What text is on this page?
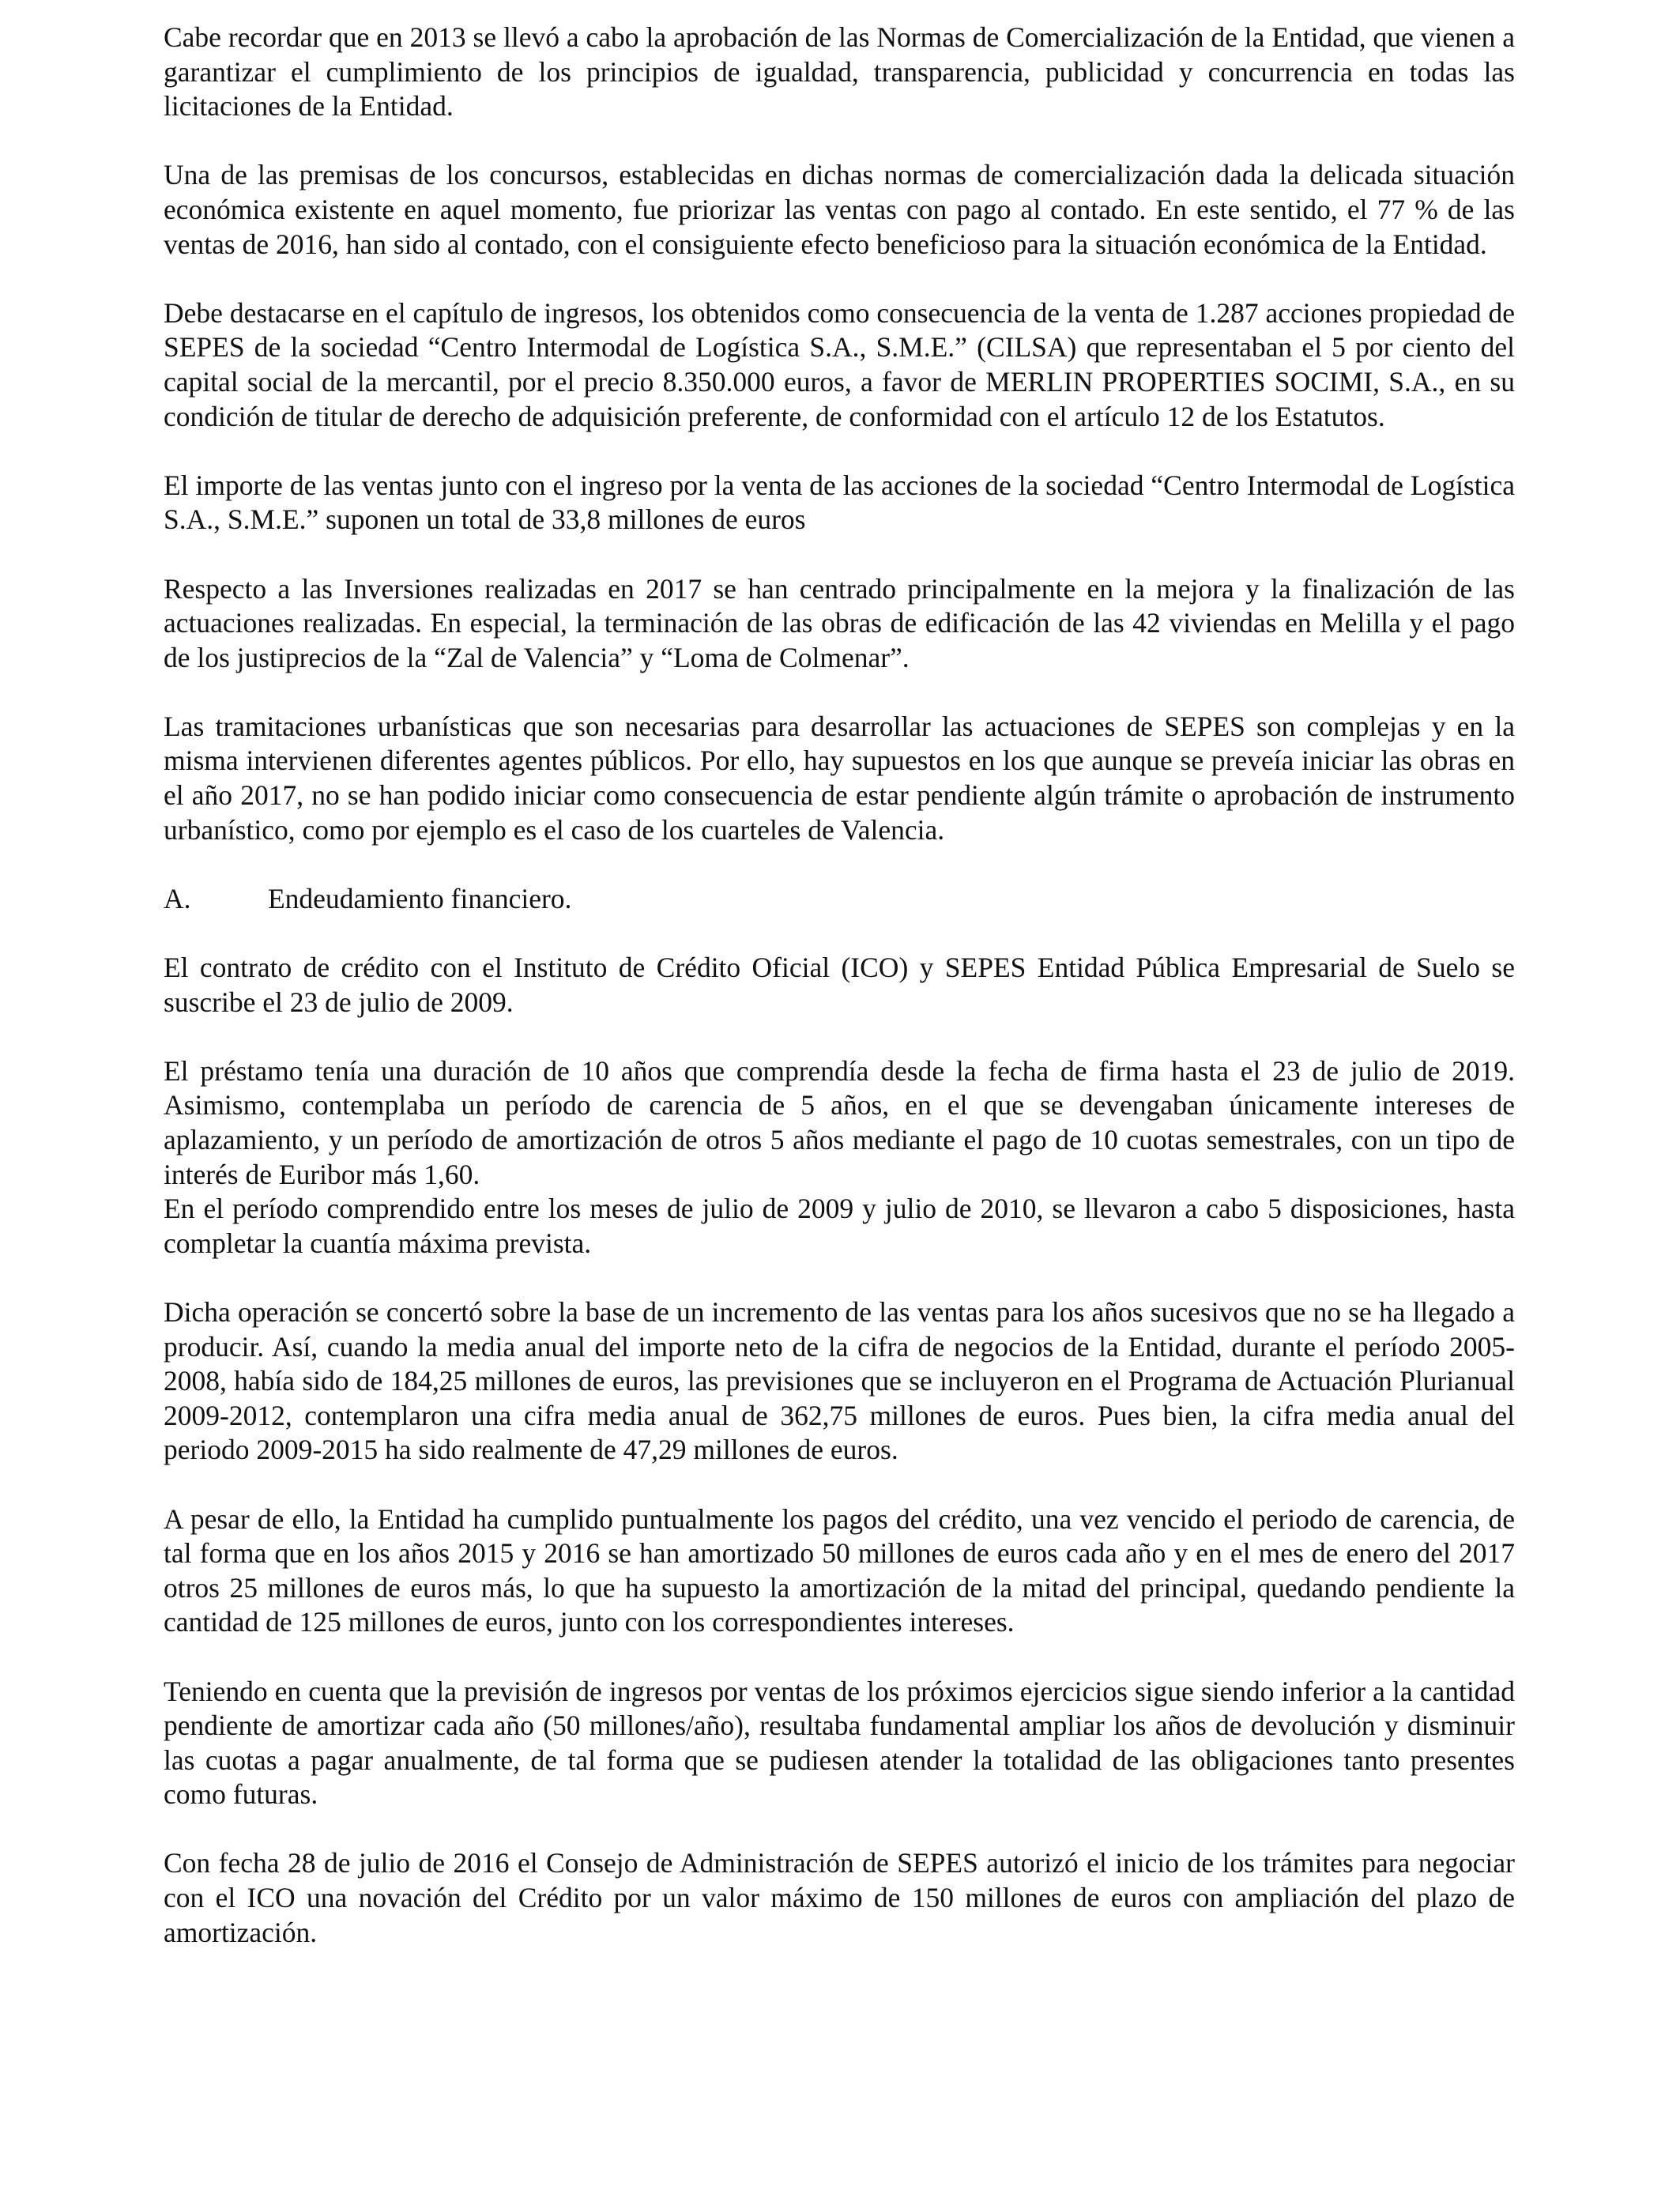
Cabe recordar que en 2013 se llevó a cabo la aprobación de las Normas de Comercialización de la Entidad, que vienen a garantizar el cumplimiento de los principios de igualdad, transparencia, publicidad y concurrencia en todas las licitaciones de la Entidad.

Una de las premisas de los concursos, establecidas en dichas normas de comercialización dada la delicada situación económica existente en aquel momento, fue priorizar las ventas con pago al contado. En este sentido, el 77 % de las ventas de 2016, han sido al contado, con el consiguiente efecto beneficioso para la situación económica de la Entidad.

Debe destacarse en el capítulo de ingresos, los obtenidos como consecuencia de la venta de 1.287 acciones propiedad de SEPES de la sociedad “Centro Intermodal de Logística S.A., S.M.E.” (CILSA) que representaban el 5 por ciento del capital social de la mercantil, por el precio 8.350.000 euros, a favor de MERLIN PROPERTIES SOCIMI, S.A., en su condición de titular de derecho de adquisición preferente, de conformidad con el artículo 12 de los Estatutos.

El importe de las ventas junto con el ingreso por la venta de las acciones de la sociedad “Centro Intermodal de Logística S.A., S.M.E.” suponen un total de 33,8 millones de euros

Respecto a las Inversiones realizadas en 2017 se han centrado principalmente en la mejora y la finalización de las actuaciones realizadas. En especial, la terminación de las obras de edificación de las 42 viviendas en Melilla y el pago de los justiprecios de la “Zal de Valencia” y “Loma de Colmenar”.

Las tramitaciones urbanísticas que son necesarias para desarrollar las actuaciones de SEPES son complejas y en la misma intervienen diferentes agentes públicos. Por ello, hay supuestos en los que aunque se preveía iniciar las obras en el año 2017, no se han podido iniciar como consecuencia de estar pendiente algún trámite o aprobación de instrumento urbanístico, como por ejemplo es el caso de los cuarteles de Valencia.

A.	Endeudamiento financiero.

El contrato de crédito con el Instituto de Crédito Oficial (ICO) y SEPES Entidad Pública Empresarial de Suelo se suscribe el 23 de julio de 2009.

El préstamo tenía una duración de 10 años que comprendía desde la fecha de firma hasta el 23 de julio de 2019. Asimismo, contemplaba un período de carencia de 5 años, en el que se devengaban únicamente intereses de aplazamiento, y un período de amortización de otros 5 años mediante el pago de 10 cuotas semestrales, con un tipo de interés de Euribor más 1,60.

En el período comprendido entre los meses de julio de 2009 y julio de 2010, se llevaron a cabo 5 disposiciones, hasta completar la cuantía máxima prevista.

Dicha operación se concertó sobre la base de un incremento de las ventas para los años sucesivos que no se ha llegado a producir. Así, cuando la media anual del importe neto de la cifra de negocios de la Entidad, durante el período 2005-2008, había sido de 184,25 millones de euros, las previsiones que se incluyeron en el Programa de Actuación Plurianual 2009-2012, contemplaron una cifra media anual de 362,75 millones de euros. Pues bien, la cifra media anual del periodo 2009-2015 ha sido realmente de 47,29 millones de euros.

A pesar de ello, la Entidad ha cumplido puntualmente los pagos del crédito, una vez vencido el periodo de carencia, de tal forma que en los años 2015 y 2016 se han amortizado 50 millones de euros cada año y en el mes de enero del 2017 otros 25 millones de euros más, lo que ha supuesto la amortización de la mitad del principal, quedando pendiente la cantidad de 125 millones de euros, junto con los correspondientes intereses.

Teniendo en cuenta que la previsión de ingresos por ventas de los próximos ejercicios sigue siendo inferior a la cantidad pendiente de amortizar cada año (50 millones/año), resultaba fundamental ampliar los años de devolución y disminuir las cuotas a pagar anualmente, de tal forma que se pudiesen atender la totalidad de las obligaciones tanto presentes como futuras.

Con fecha 28 de julio de 2016 el Consejo de Administración de SEPES autorizó el inicio de los trámites para negociar con el ICO una novación del Crédito por un valor máximo de 150 millones de euros con ampliación del plazo de amortización.
